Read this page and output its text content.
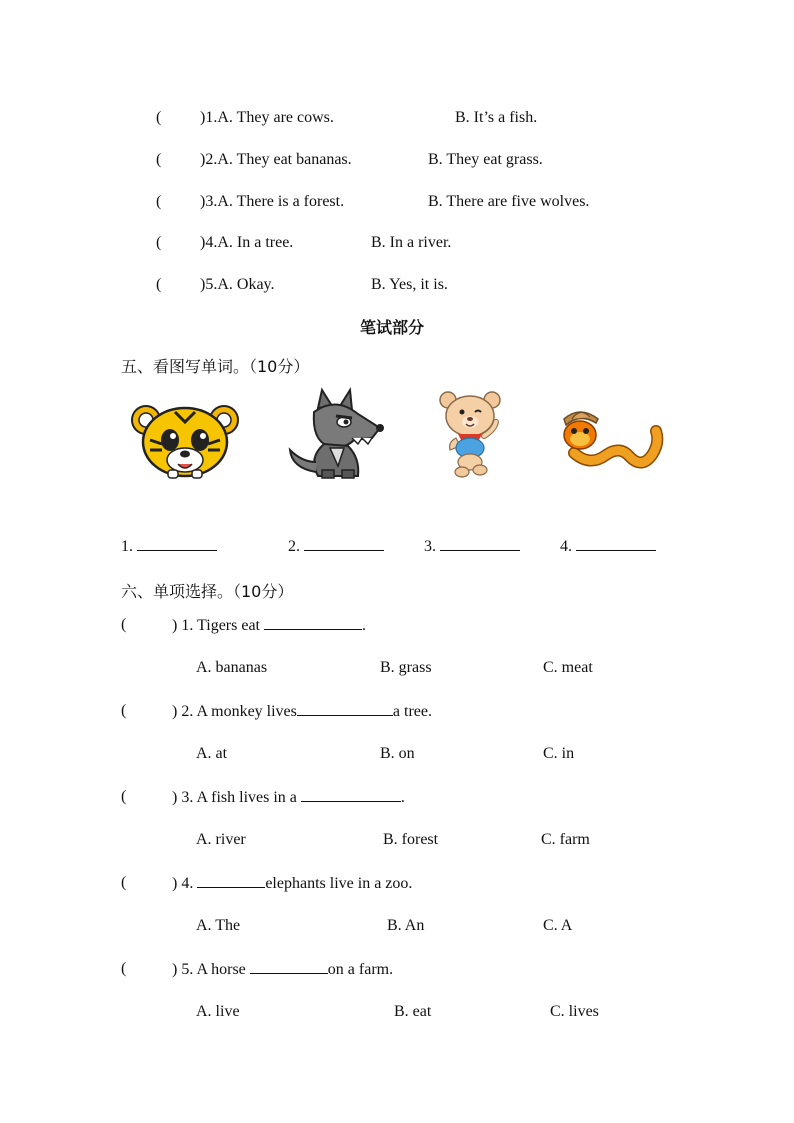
( )1.A. They are cows.	B. It’s a fish.
( )2.A. They eat bananas.	B. They eat grass.
( )3.A. There is a forest.	B. There are five wolves.
( )4.A. In a tree.	B. In a river.
( )5.A. Okay.	B. Yes, it is.
笔试部分
五、看图写单词。（10分）
1.	2.	3.	4.
六、单项选择。（10分）
(	) 1. Tigers eat	.
A. bananas	B. grass	C. meat
(	) 2. A monkey lives	a tree.
A. at	B. on	C. in
(	) 3. A fish lives in a	.
A. river	B. forest	C. farm
(	) 4.	elephants live in a zoo.
A. The	B. An	C. A
(	) 5. A horse	on a farm.
A. live	B. eat	C. lives
